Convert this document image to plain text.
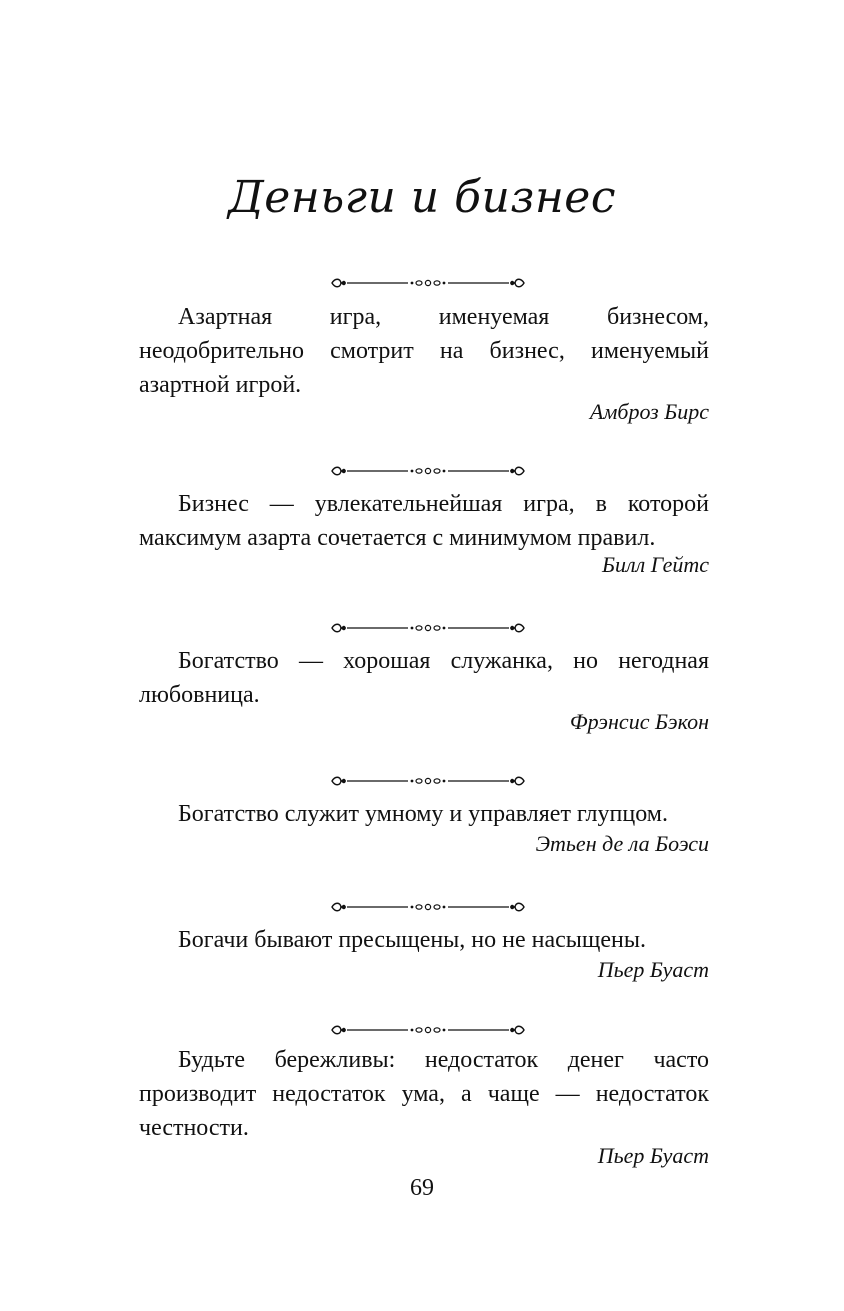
Деньги и бизнес
Азартная игра, именуемая бизнесом, неодобрительно смотрит на бизнес, именуемый азартной игрой.
Амброз Бирс
Бизнес — увлекательнейшая игра, в которой максимум азарта сочетается с минимумом правил.
Билл Гейтс
Богатство — хорошая служанка, но негодная любовница.
Фрэнсис Бэкон
Богатство служит умному и управляет глупцом.
Этьен де ла Боэси
Богачи бывают пресыщены, но не насыщены.
Пьер Буаст
Будьте бережливы: недостаток денег часто производит недостаток ума, а чаще — недостаток честности.
Пьер Буаст
69
